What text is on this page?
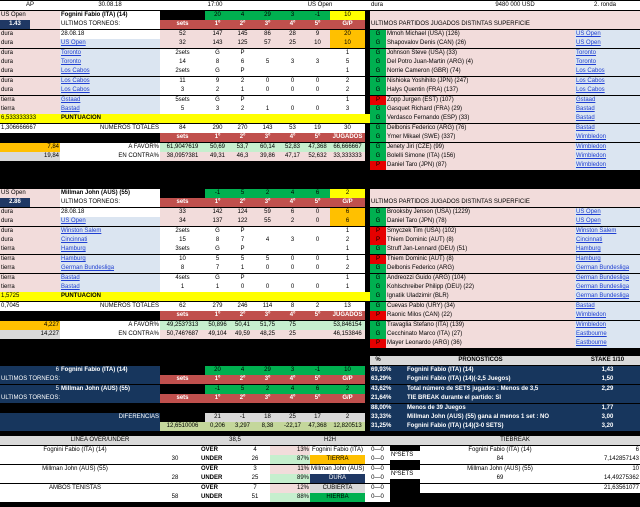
AP	30.08.18	17:00	US Open	dura	9480 000 USD	2. ronda
US Open	Fognini Fabio (ITA) (14)	20	4	29	3	-1	10
1.43	ULTIMOS TORNEOS:	sets	1º	2º	3º	4º	5º	G/P
28.08.18	52	147	145	86	28	9	20
dura	US Open	32	143	125	57	25	10	10
dura	Toronto	2sets	G	P	1
dura	Toronto	14	8	6	5	3	3	5
dura	Los Cabos	2sets	G	P	1
dura	Los Cabos	11	9	2	0	0	0	2
dura	Los Cabos	3	2	1	0	0	0	2
tierra	Gstaad	5sets	G	P	1
tierra	Bastad	5	3	2	1	0	0	3
dura
6,533333333	PUNTUACION
1,306666667	NUMEROS TOTALES	84	290	270	143	53	19	30
sets	1º	2º	3º	4º	5º	JUGADOS
7,84	A FAVOR%	61,904?619	50,69	53,7	60,14	52,83	47,368	66,666667
19,84	EN CONTRA%	38,095?381	49,31	46,3	39,86	47,17	52,632	33,333333
ULTIMOS PARTIDOS JUGADOS DISTINTAS SUPERFICIE
G	Mmoh Michael (USA) (126)	US Open
G	Shapovalov Denis (CAN) (26)	US Open
G	Johnson Steve (USA) (33)	Toronto
G	Del Potro Juan-Martin (ARG) (4)	Toronto
G	Norrie Cameron (GBR) (74)	Los Cabos
G	Nishioka Yoshihito (JPN) (247)	Los Cabos
G	Halys Quentin (FRA) (137)	Los Cabos
P	Zopp Jurgen (EST) (107)	Gstaad
G	Gasquet Richard (FRA) (29)	Bastad
G	Verdasco Fernando (ESP) (33)	Bastad
G	Delbonis Federico (ARG) (76)	Bastad
G	Ymer Mikael (SWE) (337)	Wimbledon
G	Jenety Jiri (CZE) (99)	Wimbledon
G	Bolelli Simone (ITA) (156)	Wimbledon
P	Daniel Taro (JPN) (87)	Wimbledon
US Open	Millman John (AUS) (55)	-1	5	2	4	6	2
2.86	ULTIMOS TORNEOS:	sets	1º	2º	3º	4º	5º	G/P
28.08.18	33	142	124	59	6	0	6
dura	US Open	34	137	122	55	2	0	6
dura	Winston Salem	2sets	G	P	1
dura	Cincinnati	15	8	7	4	3	0	2
tierra	Hamburg	3sets	G	P	1
tierra	Hamburg	10	5	5	5	0	0	1
tierra	German Bundesliga	8	7	1	0	0	0	2
tierra	Bastad	4sets	G	P	1
tierra	Bastad	1	1	0	0	0	0	1
dura
1,5725	PUNTUACION
0,7045	NUMEROS TOTALES	62	279	246	114	8	2	13
sets	1º	2º	3º	4º	5º	JUGADOS
4,227	A FAVOR%	49,253?313	50,896	50,41	51,75	75	53,846154
14,227	EN CONTRA%	50,746?687	49,104	49,59	48,25	25	46,153846
ULTIMOS PARTIDOS JUGADOS DISTINTAS SUPERFICIE
G	Brooksby Jenson (USA) (1229)	US Open
G	Daniel Taro (JPN) (78)	US Open
P	Smyczek Tim (USA) (102)	Winston Salem
P	Thiem Dominic (AUT) (8)	Cincinnati
G	Struff Jan-Lennard (DEU) (51)	Hamburg
P	Thiem Dominic (AUT) (8)	Hamburg
G	Delbonis Federico (ARG)	German Bundesliga
G	Andreozzi Guido (ARG) (104)	German Bundesliga
G	Kohlschreiber Philipp (DEU) (22)	German Bundesliga
G	Ignatik Uladzimir (BLR)	German Bundesliga
G	Cuevas Pablo (URY) (34)	Bastad
P	Raonic Milos (CAN) (22)	Wimbledon
G	Travaglia Stefano (ITA) (139)	Wimbledon
G	Cecchinato Marco (ITA) (27)	Eastbourne
P	Mayer Leonardo (ARG) (36)	Eastbourne
6 Fognini Fabio (ITA) (14)	20	4	29	3	-1	10
ULTIMOS TORNEOS:	sets	1º	2º	3º	4º	5º	G/P
5 Millman John (AUS) (55)	-1	5	2	4	6	2
ULTIMOS TORNEOS:	sets	1º	2º	3º	4º	5º	G/P
DIFERENCIAS	21	-1	18	25	17	2
12,6510006	0,206	3,297	8,38	-22,17	47,368	12,820513
%	PRONOSTICOS	STAKE 1/10
69,93%	Fognini Fabio (ITA) (14)	1,43
63,29%	Fognini Fabio (ITA) (14)(-2,5 Juegos)	1,50
43,62%	Total número de SETS jugados : Menos de 3,5	2,29
21,64%	TIE BREAK durante el partido: SI
88,00%	Menos de 39 Juegos	1,77
33,33%	Millman John (AUS) (55) gana al menos 1 set : NO	3,00
31,25%	Fognini Fabio (ITA) (14)(3-0 SETS)	3,20
LINEA OVER/UNDER	38,5	H2H	TIEBREAK
Fognini Fabio (ITA) (14)	OVER	4	13% Fognini Fabio (ITA)	0—0
30	UNDER	26	87%	TIERRA	0—0
Millman John (AUS) (55)	OVER	3	11% Millman John (AUS)	0—0
28	UNDER	25	89%	DURA	0—0
AMBOS TENISTAS	OVER	7	12%	CUBIERTA	0—0
58	UNDER	51	88%	HIERBA	0—0
NºSETS
NºSETS
Fognini Fabio (ITA) (14)	6
84	7,142857143
Millman John (AUS) (55)	10
69	14,49275362
21,63561077
